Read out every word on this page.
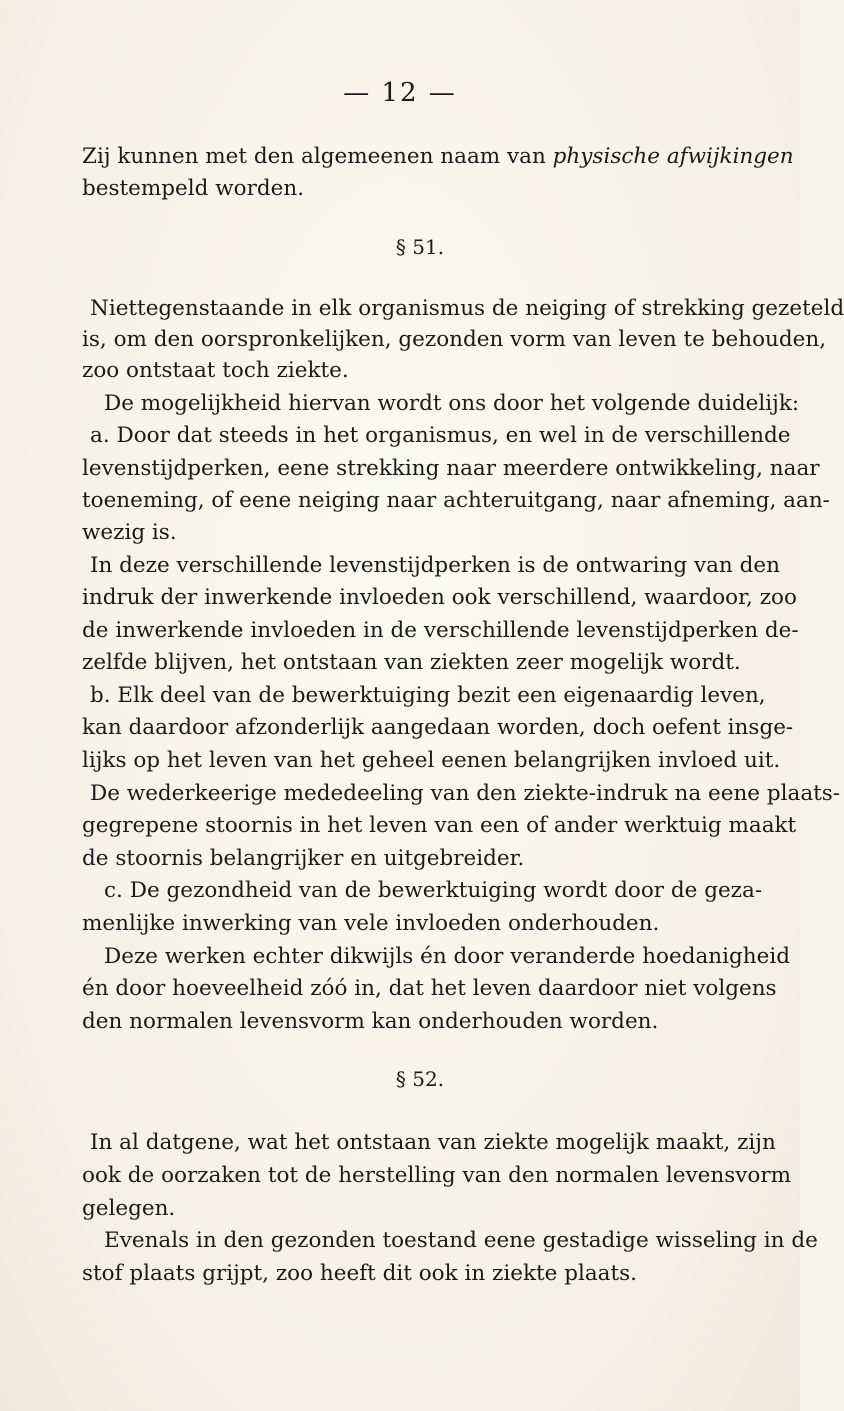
— 12 —
Zij kunnen met den algemeenen naam van physische afwijkingen
bestempeld worden.
§ 51.
Niettegenstaande in elk organismus de neiging of strekking gezeteld
is, om den oorspronkelijken, gezonden vorm van leven te behouden,
zoo ontstaat toch ziekte.
De mogelijkheid hiervan wordt ons door het volgende duidelijk:
a. Door dat steeds in het organismus, en wel in de verschillende
levenstijdperken, eene strekking naar meerdere ontwikkeling, naar
toeneming, of eene neiging naar achteruitgang, naar afneming, aan-
wezig is.
In deze verschillende levenstijdperken is de ontwaring van den
indruk der inwerkende invloeden ook verschillend, waardoor, zoo
de inwerkende invloeden in de verschillende levenstijdperken de-
zelfde blijven, het ontstaan van ziekten zeer mogelijk wordt.
b. Elk deel van de bewerktuiging bezit een eigenaardig leven,
kan daardoor afzonderlijk aangedaan worden, doch oefent insge-
lijks op het leven van het geheel eenen belangrijken invloed uit.
De wederkeerige mededeeling van den ziekte-indruk na eene plaats-
gegrepene stoornis in het leven van een of ander werktuig maakt
de stoornis belangrijker en uitgebreider.
c. De gezondheid van de bewerktuiging wordt door de geza-
menlijke inwerking van vele invloeden onderhouden.
Deze werken echter dikwijls én door veranderde hoedanigheid
én door hoeveelheid zóó in, dat het leven daardoor niet volgens
den normalen levensvorm kan onderhouden worden.
§ 52.
In al datgene, wat het ontstaan van ziekte mogelijk maakt, zijn
ook de oorzaken tot de herstelling van den normalen levensvorm
gelegen.
Evenals in den gezonden toestand eene gestadige wisseling in de
stof plaats grijpt, zoo heeft dit ook in ziekte plaats.
